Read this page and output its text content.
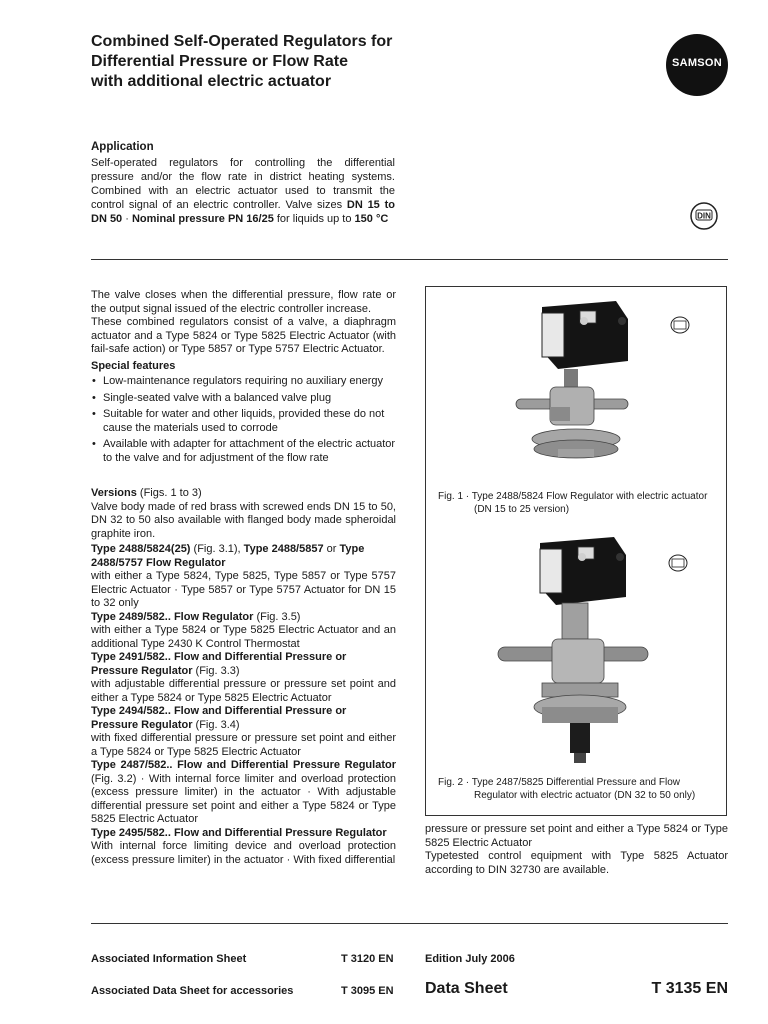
Combined Self-Operated Regulators for
Differential Pressure or Flow Rate
with additional electric actuator
SAMSON
Application
Self-operated regulators for controlling the differential pressure and/or the flow rate in district heating systems. Combined with an electric actuator used to transmit the control signal of an electric controller. Valve sizes DN 15 to DN 50 · Nominal pressure PN 16/25 for liquids up to 150 °C	DIN

The valve closes when the differential pressure, flow rate or the output signal issued of the electric controller increase.

These combined regulators consist of a valve, a diaphragm actuator and a Type 5824 or Type 5825 Electric Actuator (with fail-safe action) or Type 5857 or Type 5757 Electric Actuator.

Special features

• Low-maintenance regulators requiring no auxiliary energy
• Single-seated valve with a balanced valve plug
• Suitable for water and other liquids, provided these do not cause the materials used to corrode
• Available with adapter for attachment of the electric actuator to the valve and for adjustment of the flow rate

Versions (Figs. 1 to 3)

Valve body made of red brass with screwed ends DN 15 to 50, DN 32 to 50 also available with flanged body made spheroidal graphite iron.

Type 2488/5824(25) (Fig. 3.1), Type 2488/5857 or Type 2488/5757 Flow Regulator

with either a Type 5824, Type 5825, Type 5857 or Type 5757 Electric Actuator · Type 5857 or Type 5757 Actuator for DN 15 to 32 only

Type 2489/582.. Flow Regulator (Fig. 3.5)

with either a Type 5824 or Type 5825 Electric Actuator and an additional Type 2430 K Control Thermostat

Type 2491/582.. Flow and Differential Pressure or Pressure Regulator (Fig. 3.3)

with adjustable differential pressure or pressure set point and either a Type 5824 or Type 5825 Electric Actuator

Type 2494/582.. Flow and Differential Pressure or Pressure Regulator (Fig. 3.4)

with fixed differential pressure or pressure set point and either a Type 5824 or Type 5825 Electric Actuator

Type 2487/582.. Flow and Differential Pressure Regulator (Fig. 3.2) · With internal force limiter and overload protection (excess pressure limiter) in the actuator · With adjustable differential pressure set point and either a Type 5824 or Type 5825 Electric Actuator

Type 2495/582.. Flow and Differential Pressure Regulator

With internal force limiting device and overload protection (excess pressure limiter) in the actuator · With fixed differential

Fig. 1 · Type 2488/5824 Flow Regulator with electric actuator
(DN 15 to 25 version)
Fig. 2 · Type 2487/5825 Differential Pressure and Flow
Regulator with electric actuator (DN 32 to 50 only)

pressure or pressure set point and either a Type 5824 or Type 5825 Electric Actuator

Typetested control equipment with Type 5825 Actuator according to DIN 32730 are available.

Associated Information Sheet	T 3120 EN	Edition July 2006
Associated Data Sheet for accessories	T 3095 EN Data Sheet	T 3135 EN
